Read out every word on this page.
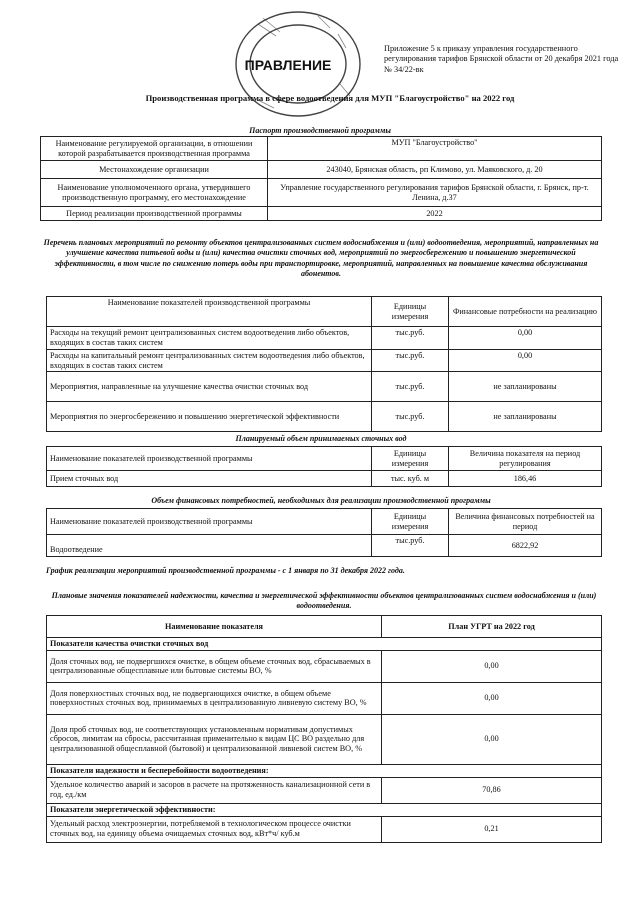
ПРАВЛЕНИЕ
Приложение 5 к приказу управления государственного регулирования тарифов Брянской области от 20 декабря 2021 года № 34/22-вк
Производственная программа в сфере водоотведения для МУП "Благоустройство" на 2022 год
Паспорт производственной программы
Наименование регулируемой организации, в отношении которой разрабатывается производственная программа	МУП "Благоустройство"
Местонахождение организации	243040, Брянская область, рп Климово, ул. Маяковского, д. 20
Наименование уполномоченного органа, утвердившего производственную программу, его местонахождение	Управление государственного регулирования тарифов Брянской области, г. Брянск, пр-т. Ленина, д.37
Период реализации производственной программы	2022
Перечень плановых мероприятий по ремонту объектов централизованных систем водоснабжения и (или) водоотведения, мероприятий, направленных на улучшение качества питьевой воды и (или) качества очистки сточных вод, мероприятий по энергосбережению и повышению энергетической эффективности, в том числе по снижению потерь воды при транспортировке, мероприятий, направленных на повышение качества обслуживания абонентов.
Наименование показателей производственной программы	Единицы измерения	Финансовые потребности на реализацию
Расходы на текущий ремонт централизованных систем водоотведения либо объектов, входящих в состав таких систем	тыс.руб.	0,00
Расходы на капитальный ремонт централизованных систем водоотведения либо объектов, входящих в состав таких систем	тыс.руб.	0,00
Мероприятия, направленные на улучшение качества очистки сточных вод	тыс.руб.	не запланированы
Мероприятия по энергосбережению и повышению энергетической эффективности	тыс.руб.	не запланированы
Планируемый объем принимаемых сточных вод
Наименование показателей производственной программы	Единицы измерения	Величина показателя на период регулирования
Прием сточных вод	тыс. куб. м	186,46
Объем финансовых потребностей, необходимых для реализации производственной программы
Наименование показателей производственной программы	Единицы измерения	Величина финансовых потребностей на период
Водоотведение	тыс.руб.	6822,92
График реализации мероприятий производственной программы - с 1 января по 31 декабря 2022 года.
Плановые значения показателей надежности, качества и энергетической эффективности объектов централизованных систем водоснабжения и (или) водоотведения.
Наименование показателя	План УГРТ на 2022 год
Показатели качества очистки сточных вод	
Доля сточных вод, не подвергшихся очистке, в общем объеме сточных вод, сбрасываемых в централизованные общесплавные или бытовые системы ВО, %	0,00
Доля поверхностных сточных вод, не подвергающихся очистке, в общем объеме поверхностных сточных вод, принимаемых в централизованную ливневую систему ВО, %	0,00
Доля проб сточных вод, не соответствующих установленным нормативам допустимых сбросов, лимитам на сбросы, рассчитанная применительно к видам ЦС ВО раздельно для централизованной общесплавной (бытовой) и централизованной ливневой систем ВО, %	0,00
Показатели надежности и бесперебойности водоотведения:	
Удельное количество аварий и засоров в расчете на протяженность канализационной сети в год, ед./км	70,86
Показатели энергетической эффективности:	
Удельный расход электроэнергии, потребляемой в технологическом процессе очистки сточных вод, на единицу объема очищаемых сточных вод, кВт*ч/ куб.м	0,21
